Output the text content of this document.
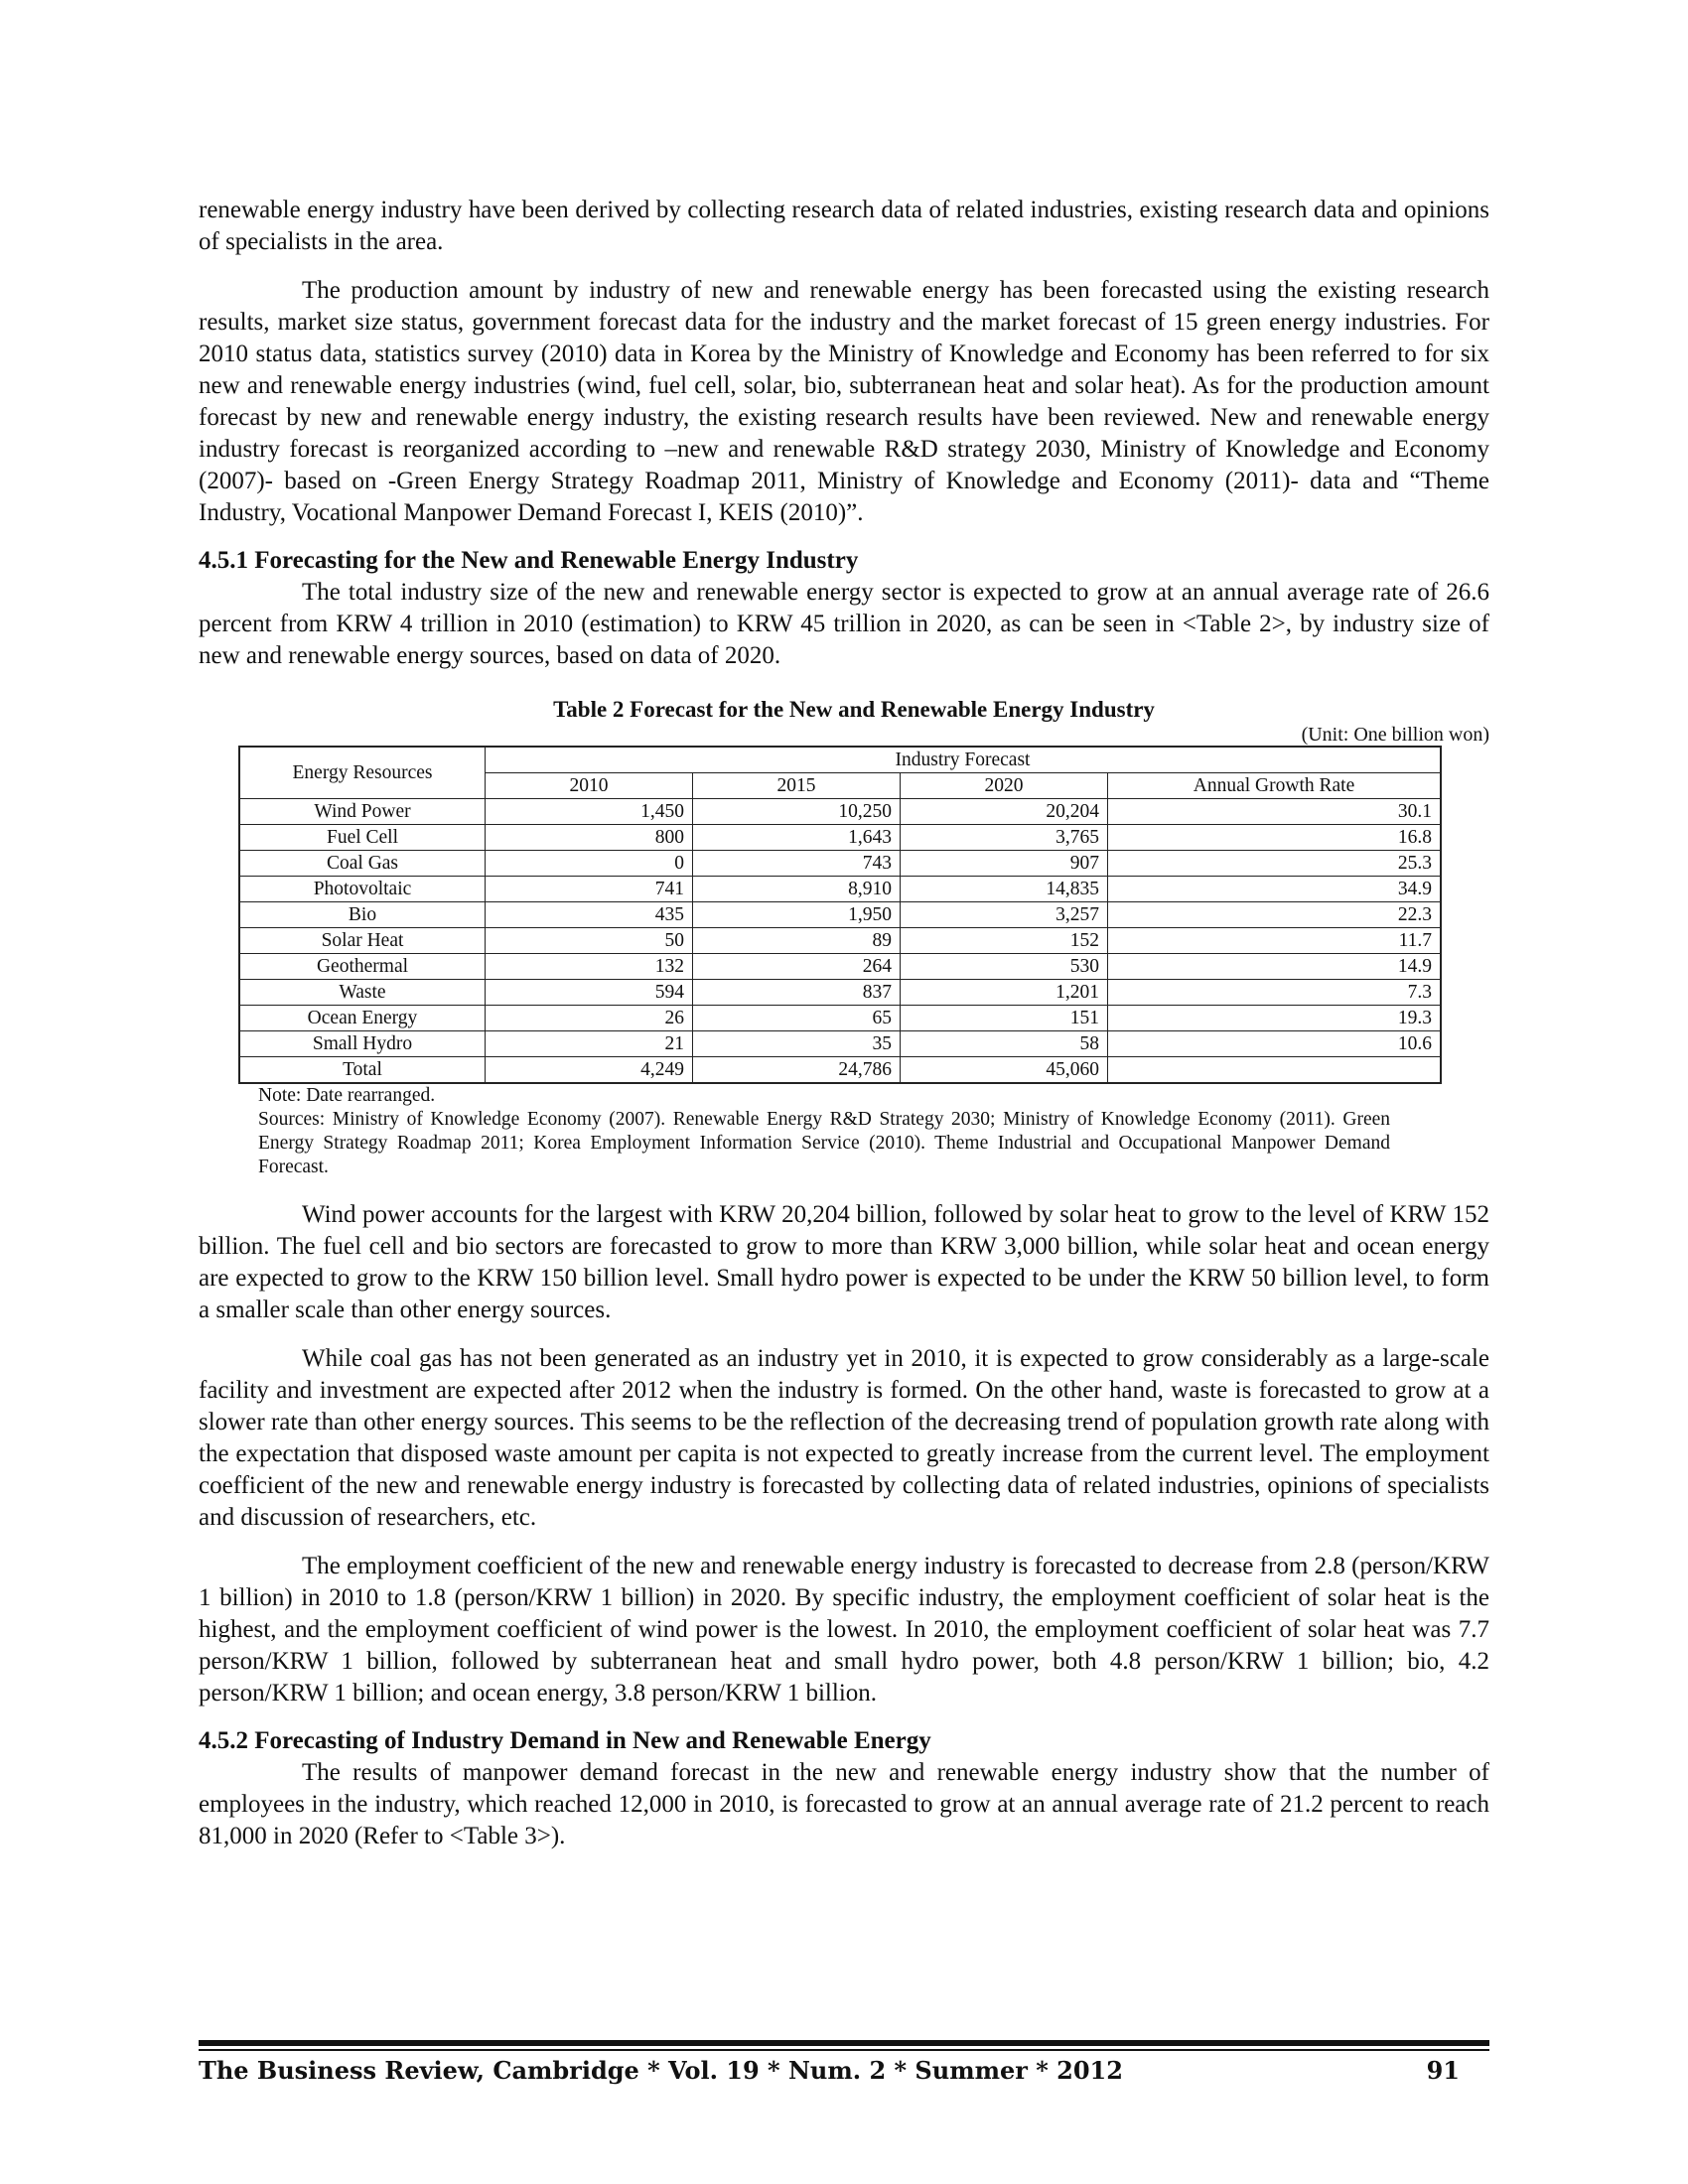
renewable energy industry have been derived by collecting research data of related industries, existing research data and opinions of specialists in the area.

The production amount by industry of new and renewable energy has been forecasted using the existing research results, market size status, government forecast data for the industry and the market forecast of 15 green energy industries. For 2010 status data, statistics survey (2010) data in Korea by the Ministry of Knowledge and Economy has been referred to for six new and renewable energy industries (wind, fuel cell, solar, bio, subterranean heat and solar heat). As for the production amount forecast by new and renewable energy industry, the existing research results have been reviewed. New and renewable energy industry forecast is reorganized according to –new and renewable R&D strategy 2030, Ministry of Knowledge and Economy (2007)- based on -Green Energy Strategy Roadmap 2011, Ministry of Knowledge and Economy (2011)- data and “Theme Industry, Vocational Manpower Demand Forecast I, KEIS (2010)”.

4.5.1 Forecasting for the New and Renewable Energy Industry

The total industry size of the new and renewable energy sector is expected to grow at an annual average rate of 26.6 percent from KRW 4 trillion in 2010 (estimation) to KRW 45 trillion in 2020, as can be seen in <Table 2>, by industry size of new and renewable energy sources, based on data of 2020.

Table 2 Forecast for the New and Renewable Energy Industry
(Unit: One billion won)
Energy Resources	Industry Forecast			
	2010	2015	2020	Annual Growth Rate
Wind Power	1,450	10,250	20,204	30.1
Fuel Cell	800	1,643	3,765	16.8
Coal Gas	0	743	907	25.3
Photovoltaic	741	8,910	14,835	34.9
Bio	435	1,950	3,257	22.3
Solar Heat	50	89	152	11.7
Geothermal	132	264	530	14.9
Waste	594	837	1,201	7.3
Ocean Energy	26	65	151	19.3
Small Hydro	21	35	58	10.6
Total	4,249	24,786	45,060	
Note: Date rearranged.
Sources: Ministry of Knowledge Economy (2007). Renewable Energy R&D Strategy 2030; Ministry of Knowledge Economy (2011). Green Energy Strategy Roadmap 2011; Korea Employment Information Service (2010). Theme Industrial and Occupational Manpower Demand Forecast.

Wind power accounts for the largest with KRW 20,204 billion, followed by solar heat to grow to the level of KRW 152 billion. The fuel cell and bio sectors are forecasted to grow to more than KRW 3,000 billion, while solar heat and ocean energy are expected to grow to the KRW 150 billion level. Small hydro power is expected to be under the KRW 50 billion level, to form a smaller scale than other energy sources.

While coal gas has not been generated as an industry yet in 2010, it is expected to grow considerably as a large-scale facility and investment are expected after 2012 when the industry is formed. On the other hand, waste is forecasted to grow at a slower rate than other energy sources. This seems to be the reflection of the decreasing trend of population growth rate along with the expectation that disposed waste amount per capita is not expected to greatly increase from the current level. The employment coefficient of the new and renewable energy industry is forecasted by collecting data of related industries, opinions of specialists and discussion of researchers, etc.

The employment coefficient of the new and renewable energy industry is forecasted to decrease from 2.8 (person/KRW 1 billion) in 2010 to 1.8 (person/KRW 1 billion) in 2020. By specific industry, the employment coefficient of solar heat is the highest, and the employment coefficient of wind power is the lowest. In 2010, the employment coefficient of solar heat was 7.7 person/KRW 1 billion, followed by subterranean heat and small hydro power, both 4.8 person/KRW 1 billion; bio, 4.2 person/KRW 1 billion; and ocean energy, 3.8 person/KRW 1 billion.

4.5.2 Forecasting of Industry Demand in New and Renewable Energy

The results of manpower demand forecast in the new and renewable energy industry show that the number of employees in the industry, which reached 12,000 in 2010, is forecasted to grow at an annual average rate of 21.2 percent to reach 81,000 in 2020 (Refer to <Table 3>).

The Business Review, Cambridge * Vol. 19 * Num. 2 * Summer * 2012	91
